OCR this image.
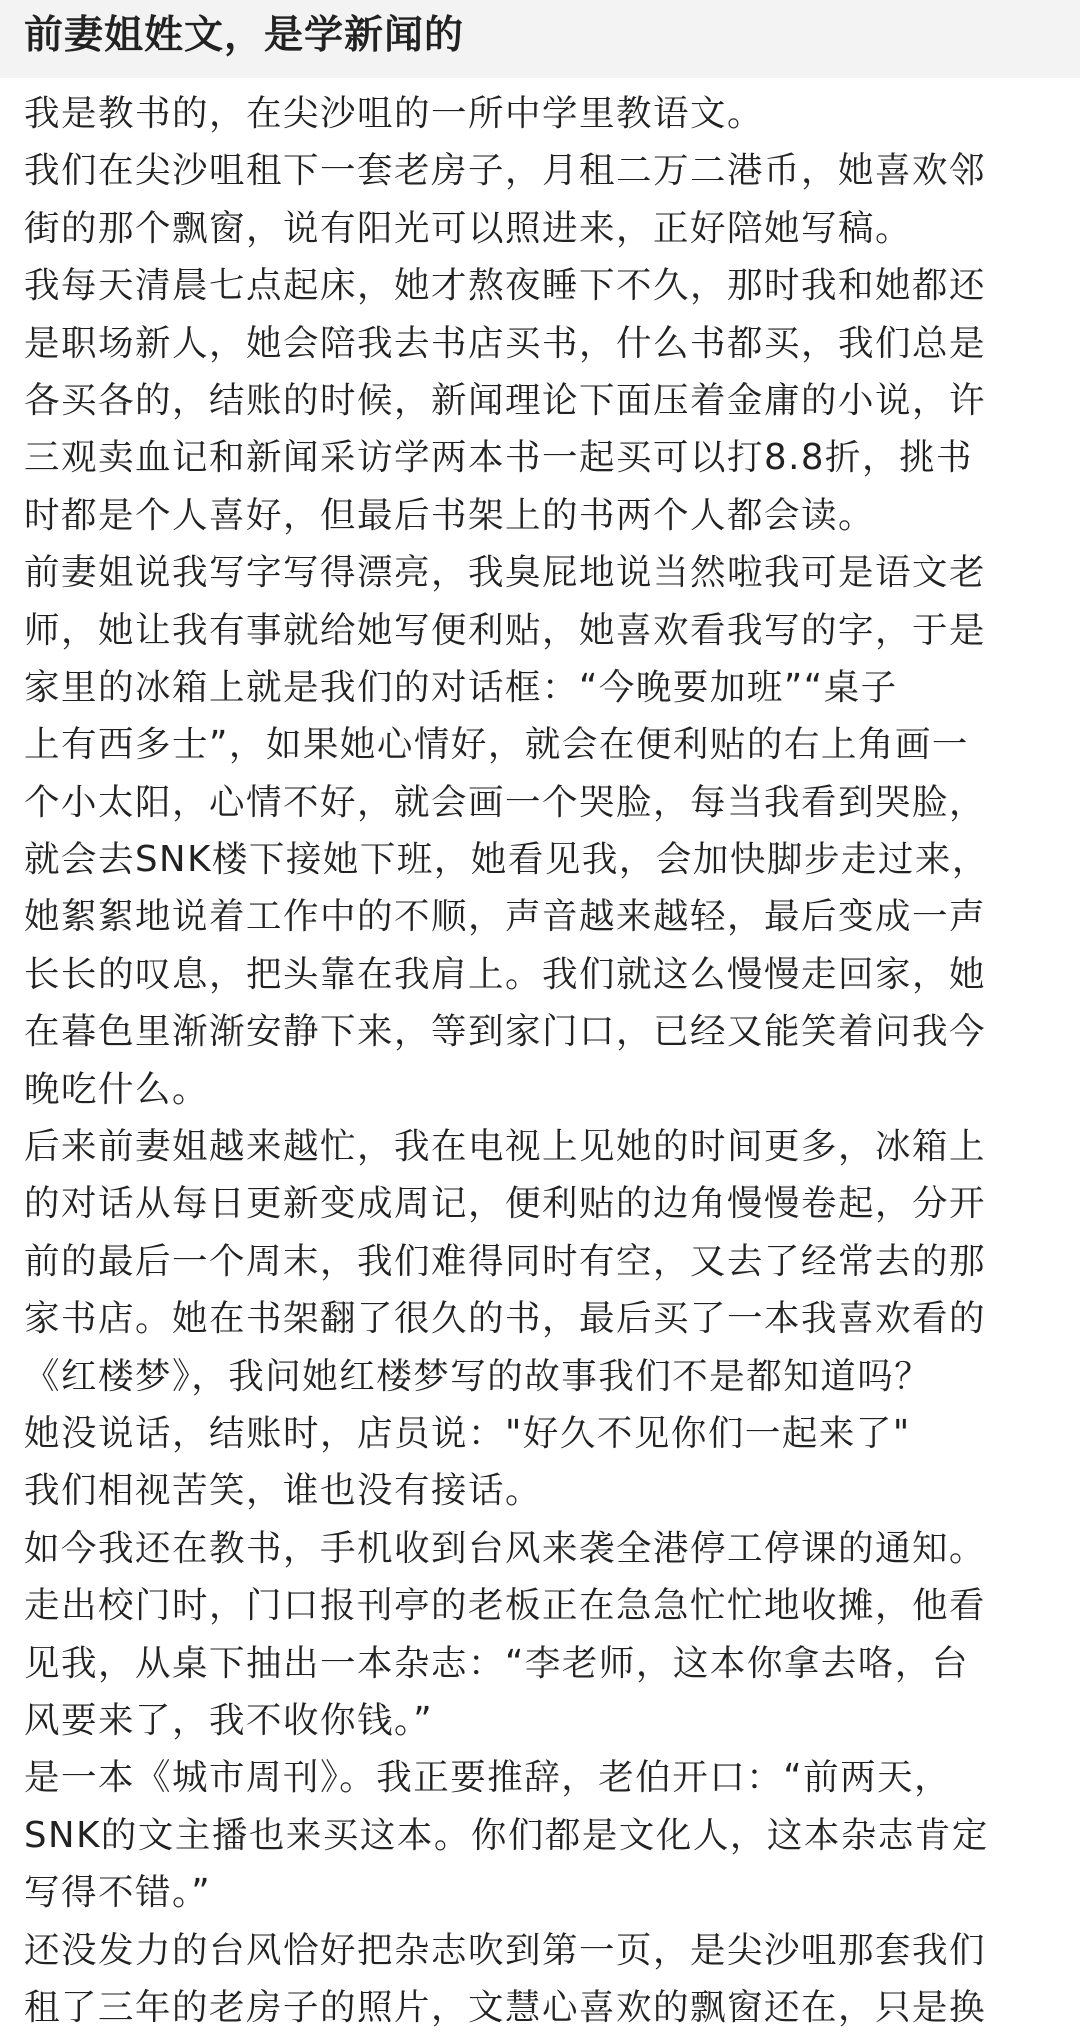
前妻姐姓文，是学新闻的
我是教书的，在尖沙咀的一所中学里教语文。
我们在尖沙咀租下一套老房子，月租二万二港币，她喜欢邻
街的那个飘窗，说有阳光可以照进来，正好陪她写稿。
我每天清晨七点起床，她才熬夜睡下不久，那时我和她都还
是职场新人，她会陪我去书店买书，什么书都买，我们总是
各买各的，结账的时候，新闻理论下面压着金庸的小说，许
三观卖血记和新闻采访学两本书一起买可以打8.8折，挑书
时都是个人喜好，但最后书架上的书两个人都会读。
前妻姐说我写字写得漂亮，我臭屁地说当然啦我可是语文老
师，她让我有事就给她写便利贴，她喜欢看我写的字，于是
家里的冰箱上就是我们的对话框：“今晚要加班”“桌子
上有西多士”，如果她心情好，就会在便利贴的右上角画一
个小太阳，心情不好，就会画一个哭脸，每当我看到哭脸，
就会去SNK楼下接她下班，她看见我，会加快脚步走过来，
她絮絮地说着工作中的不顺，声音越来越轻，最后变成一声
长长的叹息，把头靠在我肩上。我们就这么慢慢走回家，她
在暮色里渐渐安静下来，等到家门口，已经又能笑着问我今
晚吃什么。
后来前妻姐越来越忙，我在电视上见她的时间更多，冰箱上
的对话从每日更新变成周记，便利贴的边角慢慢卷起，分开
前的最后一个周末，我们难得同时有空，又去了经常去的那
家书店。她在书架翻了很久的书，最后买了一本我喜欢看的
《红楼梦》，我问她红楼梦写的故事我们不是都知道吗？
她没说话，结账时，店员说："好久不见你们一起来了"
我们相视苦笑，谁也没有接话。
如今我还在教书，手机收到台风来袭全港停工停课的通知。
走出校门时，门口报刊亭的老板正在急急忙忙地收摊，他看
见我，从桌下抽出一本杂志：“李老师，这本你拿去咯，台
风要来了，我不收你钱。”
是一本《城市周刊》。我正要推辞，老伯开口：“前两天，
SNK的文主播也来买这本。你们都是文化人，这本杂志肯定
写得不错。”
还没发力的台风恰好把杂志吹到第一页，是尖沙咀那套我们
租了三年的老房子的照片，文慧心喜欢的飘窗还在，只是换
